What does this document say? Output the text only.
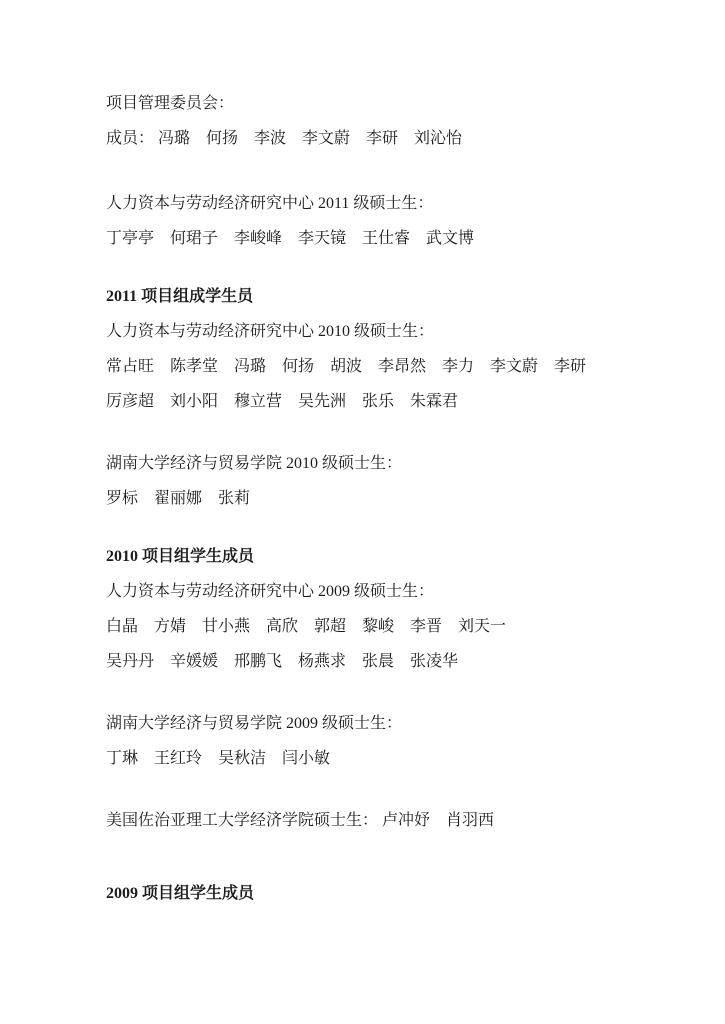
项目管理委员会：

成员： 冯璐　何扬　李波　李文蔚　李研　刘沁怡

人力资本与劳动经济研究中心 2011 级硕士生：

丁亭亭　何珺子　李峻峰　李天镜　王仕睿　武文博

2011 项目组成学生员

人力资本与劳动经济研究中心 2010 级硕士生：

常占旺　陈孝堂　冯璐　何扬　胡波　李昂然　李力　李文蔚　李研

厉彦超　刘小阳　穆立营　吴先洲　张乐　朱霖君

湖南大学经济与贸易学院 2010 级硕士生：

罗标　翟丽娜　张莉

2010 项目组学生成员

人力资本与劳动经济研究中心 2009 级硕士生：

白晶　方婧　甘小燕　高欣　郭超　黎峻　李晋　刘天一

吴丹丹　辛媛媛　邢鹏飞　杨燕求　张晨　张凌华

湖南大学经济与贸易学院 2009 级硕士生：

丁琳　王红玲　吴秋洁　闫小敏

美国佐治亚理工大学经济学院硕士生： 卢冲妤　肖羽西

2009 项目组学生成员
